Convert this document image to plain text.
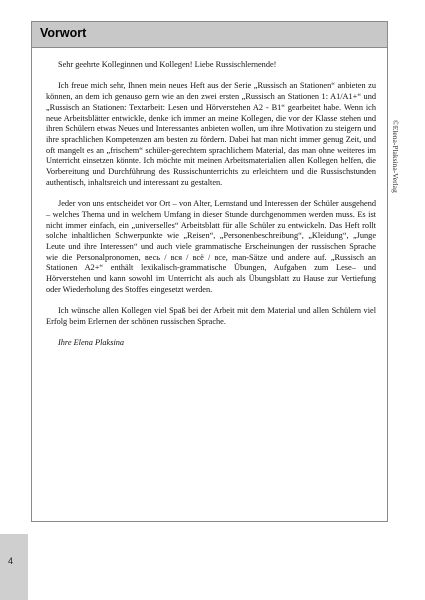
Vorwort

Sehr geehrte Kolleginnen und Kollegen! Liebe Russischlernende!

Ich freue mich sehr, Ihnen mein neues Heft aus der Serie „Russisch an Stationen“ anbieten zu können, an dem ich genauso gern wie an den zwei ersten „Russisch an Stationen 1: A1/A1+“ und „Russisch an Stationen: Textarbeit: Lesen und Hörverstehen A2 - B1“ gearbeitet habe. Wenn ich neue Arbeitsblätter entwickle, denke ich immer an meine Kollegen, die vor der Klasse stehen und ihren Schülern etwas Neues und Interessantes anbieten wollen, um ihre Motivation zu steigern und ihre sprachlichen Kompetenzen am besten zu fördern. Dabei hat man nicht immer genug Zeit, und oft mangelt es an „frischem“ schüler-gerechtem sprachlichem Material, das man ohne weiteres im Unterricht einsetzen könnte. Ich möchte mit meinen Arbeitsmaterialien allen Kollegen helfen, die Vorbereitung und Durchführung des Russischunterrichts zu erleichtern und die Russischstunden authentisch, inhaltsreich und interessant zu gestalten.

Jeder von uns entscheidet vor Ort – von Alter, Lernstand und Interessen der Schüler ausgehend – welches Thema und in welchem Umfang in dieser Stunde durchgenommen werden muss. Es ist nicht immer einfach, ein „universelles“ Arbeitsblatt für alle Schüler zu entwickeln. Das Heft rollt solche inhaltlichen Schwerpunkte wie „Reisen“, „Personenbeschreibung“, „Kleidung“, „Junge Leute und ihre Interessen“ und auch viele grammatische Erscheinungen der russischen Sprache wie die Personalpronomen, весь / вся / всё / все, man-Sätze und andere auf. „Russisch an Stationen A2+“ enthält lexikalisch-grammatische Übungen, Aufgaben zum Lese– und Hörverstehen und kann sowohl im Unterricht als auch als Übungsblatt zu Hause zur Vertiefung oder Wiederholung des Stoffes eingesetzt werden.

Ich wünsche allen Kollegen viel Spaß bei der Arbeit mit dem Material und allen Schülern viel Erfolg beim Erlernen der schönen russischen Sprache.

Ihre Elena Plaksina

©Elena-Plaksina-Verlag
4
